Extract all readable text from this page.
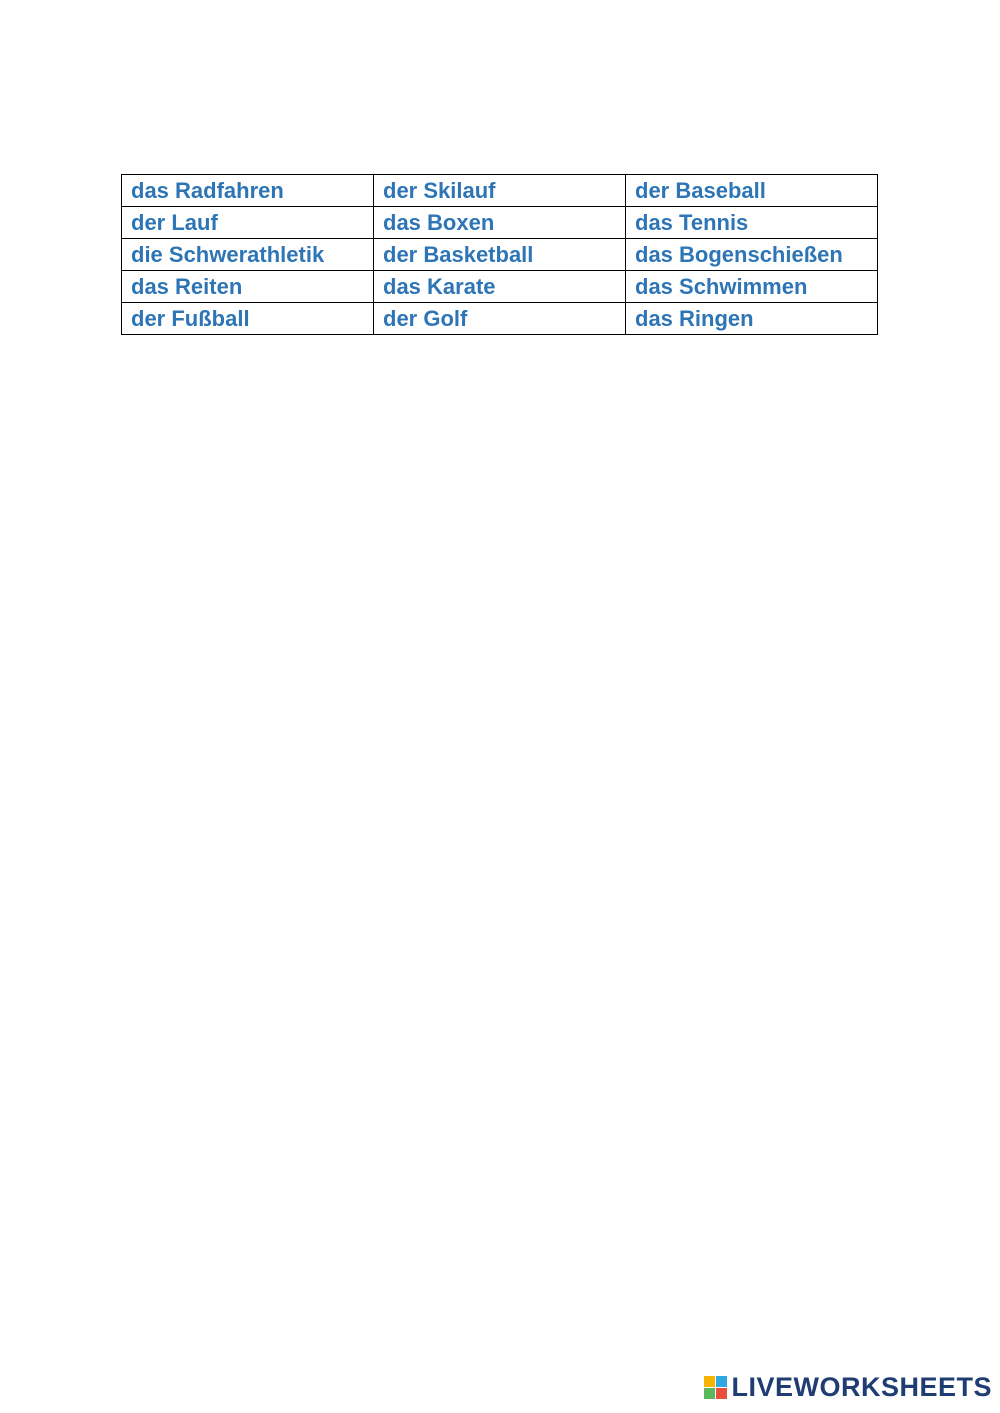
das Radfahren	der Skilauf	der Baseball
der Lauf	das Boxen	das Tennis
die Schwerathletik	der Basketball	das Bogenschießen
das Reiten	das Karate	das Schwimmen
der Fußball	der Golf	das Ringen
LIVEWORKSHEETS
